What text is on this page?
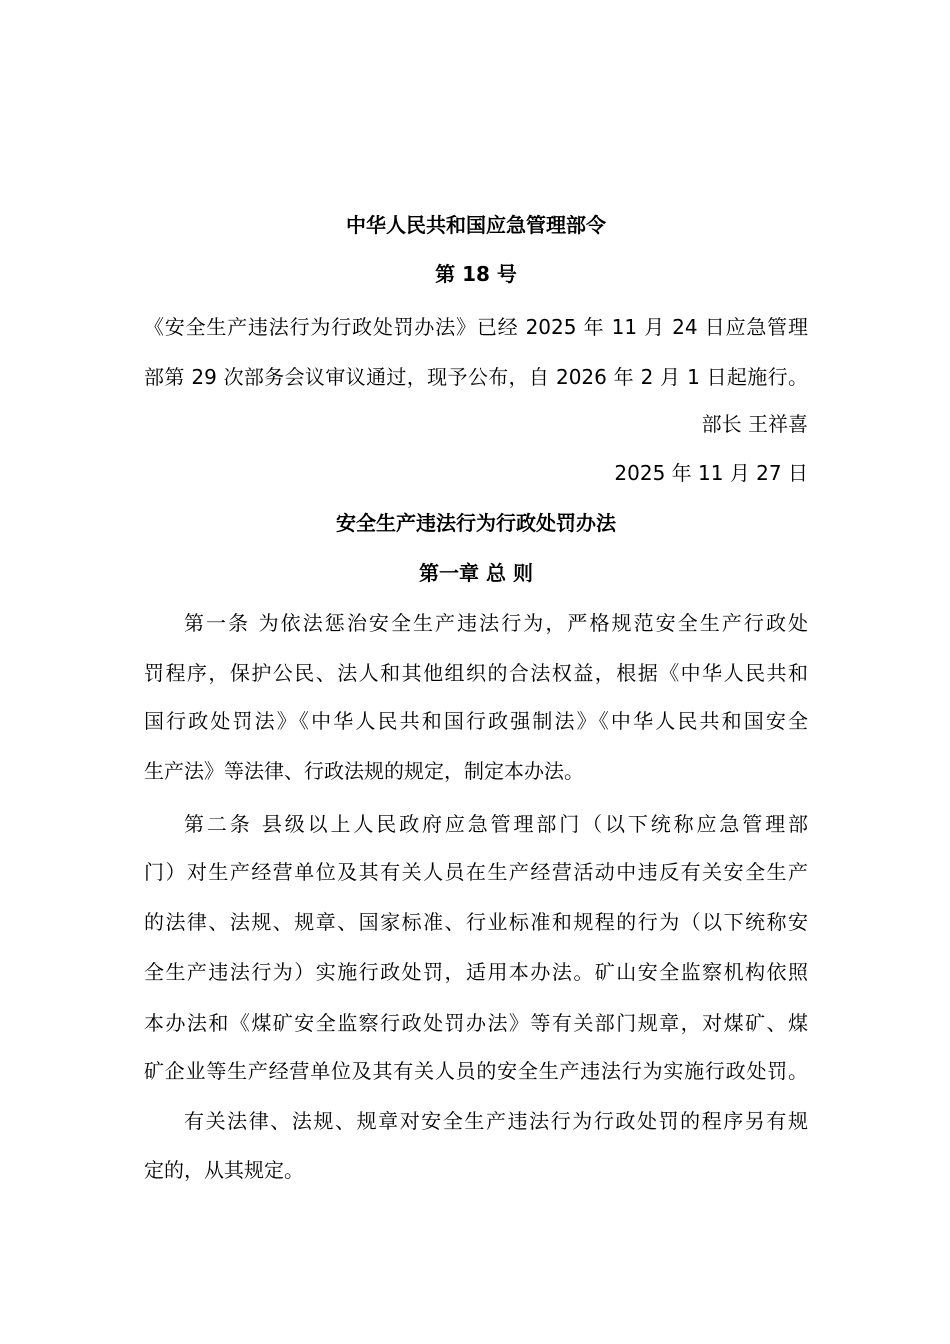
中华人民共和国应急管理部令
第 18 号
《安全生产违法行为行政处罚办法》已经 2025 年 11 月 24 日应急管理
部第 29 次部务会议审议通过，现予公布，自 2026 年 2 月 1 日起施行。
部长 王祥喜
2025 年 11 月 27 日
安全生产违法行为行政处罚办法
第一章 总 则
第一条 为依法惩治安全生产违法行为，严格规范安全生产行政处
罚程序，保护公民、法人和其他组织的合法权益，根据《中华人民共和
国行政处罚法》《中华人民共和国行政强制法》《中华人民共和国安全
生产法》等法律、行政法规的规定，制定本办法。
第二条 县级以上人民政府应急管理部门（以下统称应急管理部
门）对生产经营单位及其有关人员在生产经营活动中违反有关安全生产
的法律、法规、规章、国家标准、行业标准和规程的行为（以下统称安
全生产违法行为）实施行政处罚，适用本办法。矿山安全监察机构依照
本办法和《煤矿安全监察行政处罚办法》等有关部门规章，对煤矿、煤
矿企业等生产经营单位及其有关人员的安全生产违法行为实施行政处罚。
有关法律、法规、规章对安全生产违法行为行政处罚的程序另有规
定的，从其规定。
